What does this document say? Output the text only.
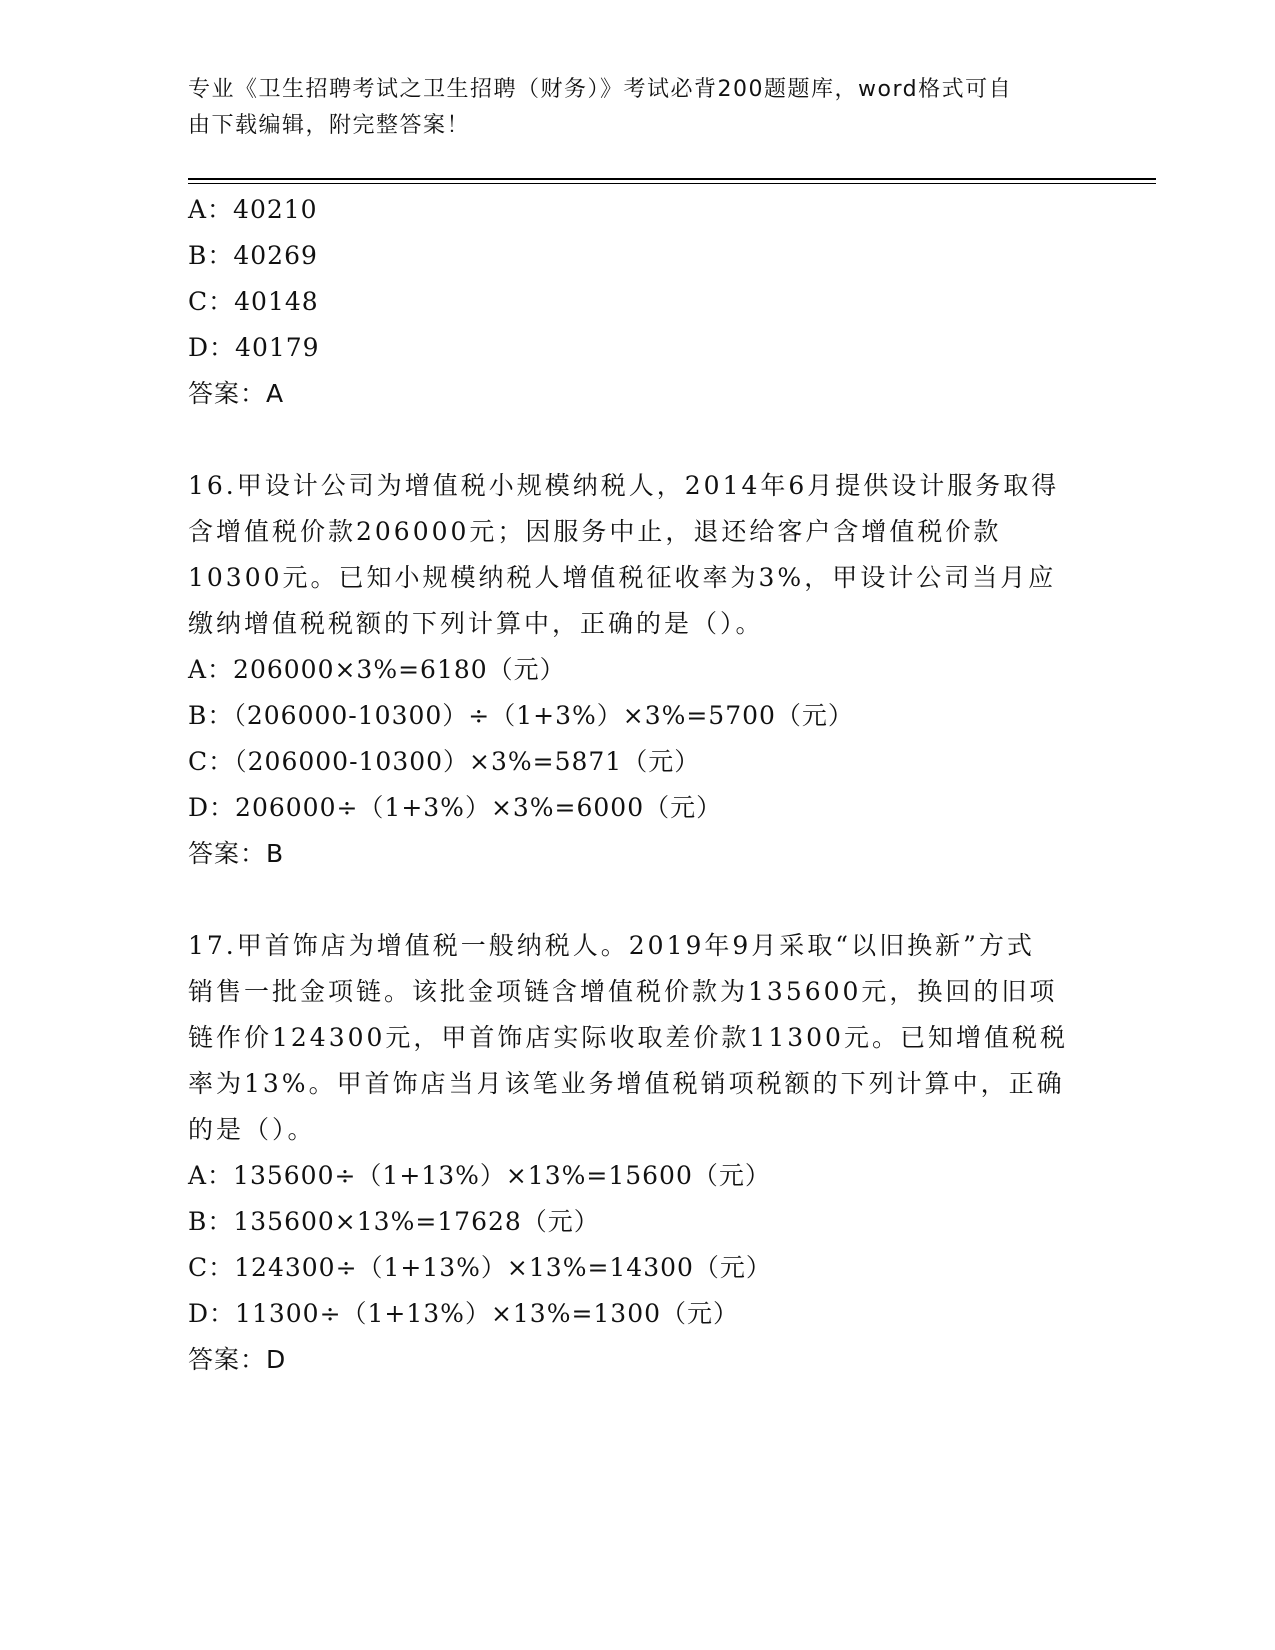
专业《卫生招聘考试之卫生招聘（财务）》考试必背200题题库，word格式可自
由下载编辑，附完整答案！
A：40210
B：40269
C：40148
D：40179
答案：A
16.甲设计公司为增值税小规模纳税人，2014年6月提供设计服务取得
含增值税价款206000元；因服务中止，退还给客户含增值税价款
10300元。已知小规模纳税人增值税征收率为3%，甲设计公司当月应
缴纳增值税税额的下列计算中，正确的是（）。
A：206000×3%=6180（元）
B：（206000-10300）÷（1+3%）×3%=5700（元）
C：（206000-10300）×3%=5871（元）
D：206000÷（1+3%）×3%=6000（元）
答案：B
17.甲首饰店为增值税一般纳税人。2019年9月采取“以旧换新”方式
销售一批金项链。该批金项链含增值税价款为135600元，换回的旧项
链作价124300元，甲首饰店实际收取差价款11300元。已知增值税税
率为13%。甲首饰店当月该笔业务增值税销项税额的下列计算中，正确
的是（）。
A：135600÷（1+13%）×13%=15600（元）
B：135600×13%=17628（元）
C：124300÷（1+13%）×13%=14300（元）
D：11300÷（1+13%）×13%=1300（元）
答案：D
